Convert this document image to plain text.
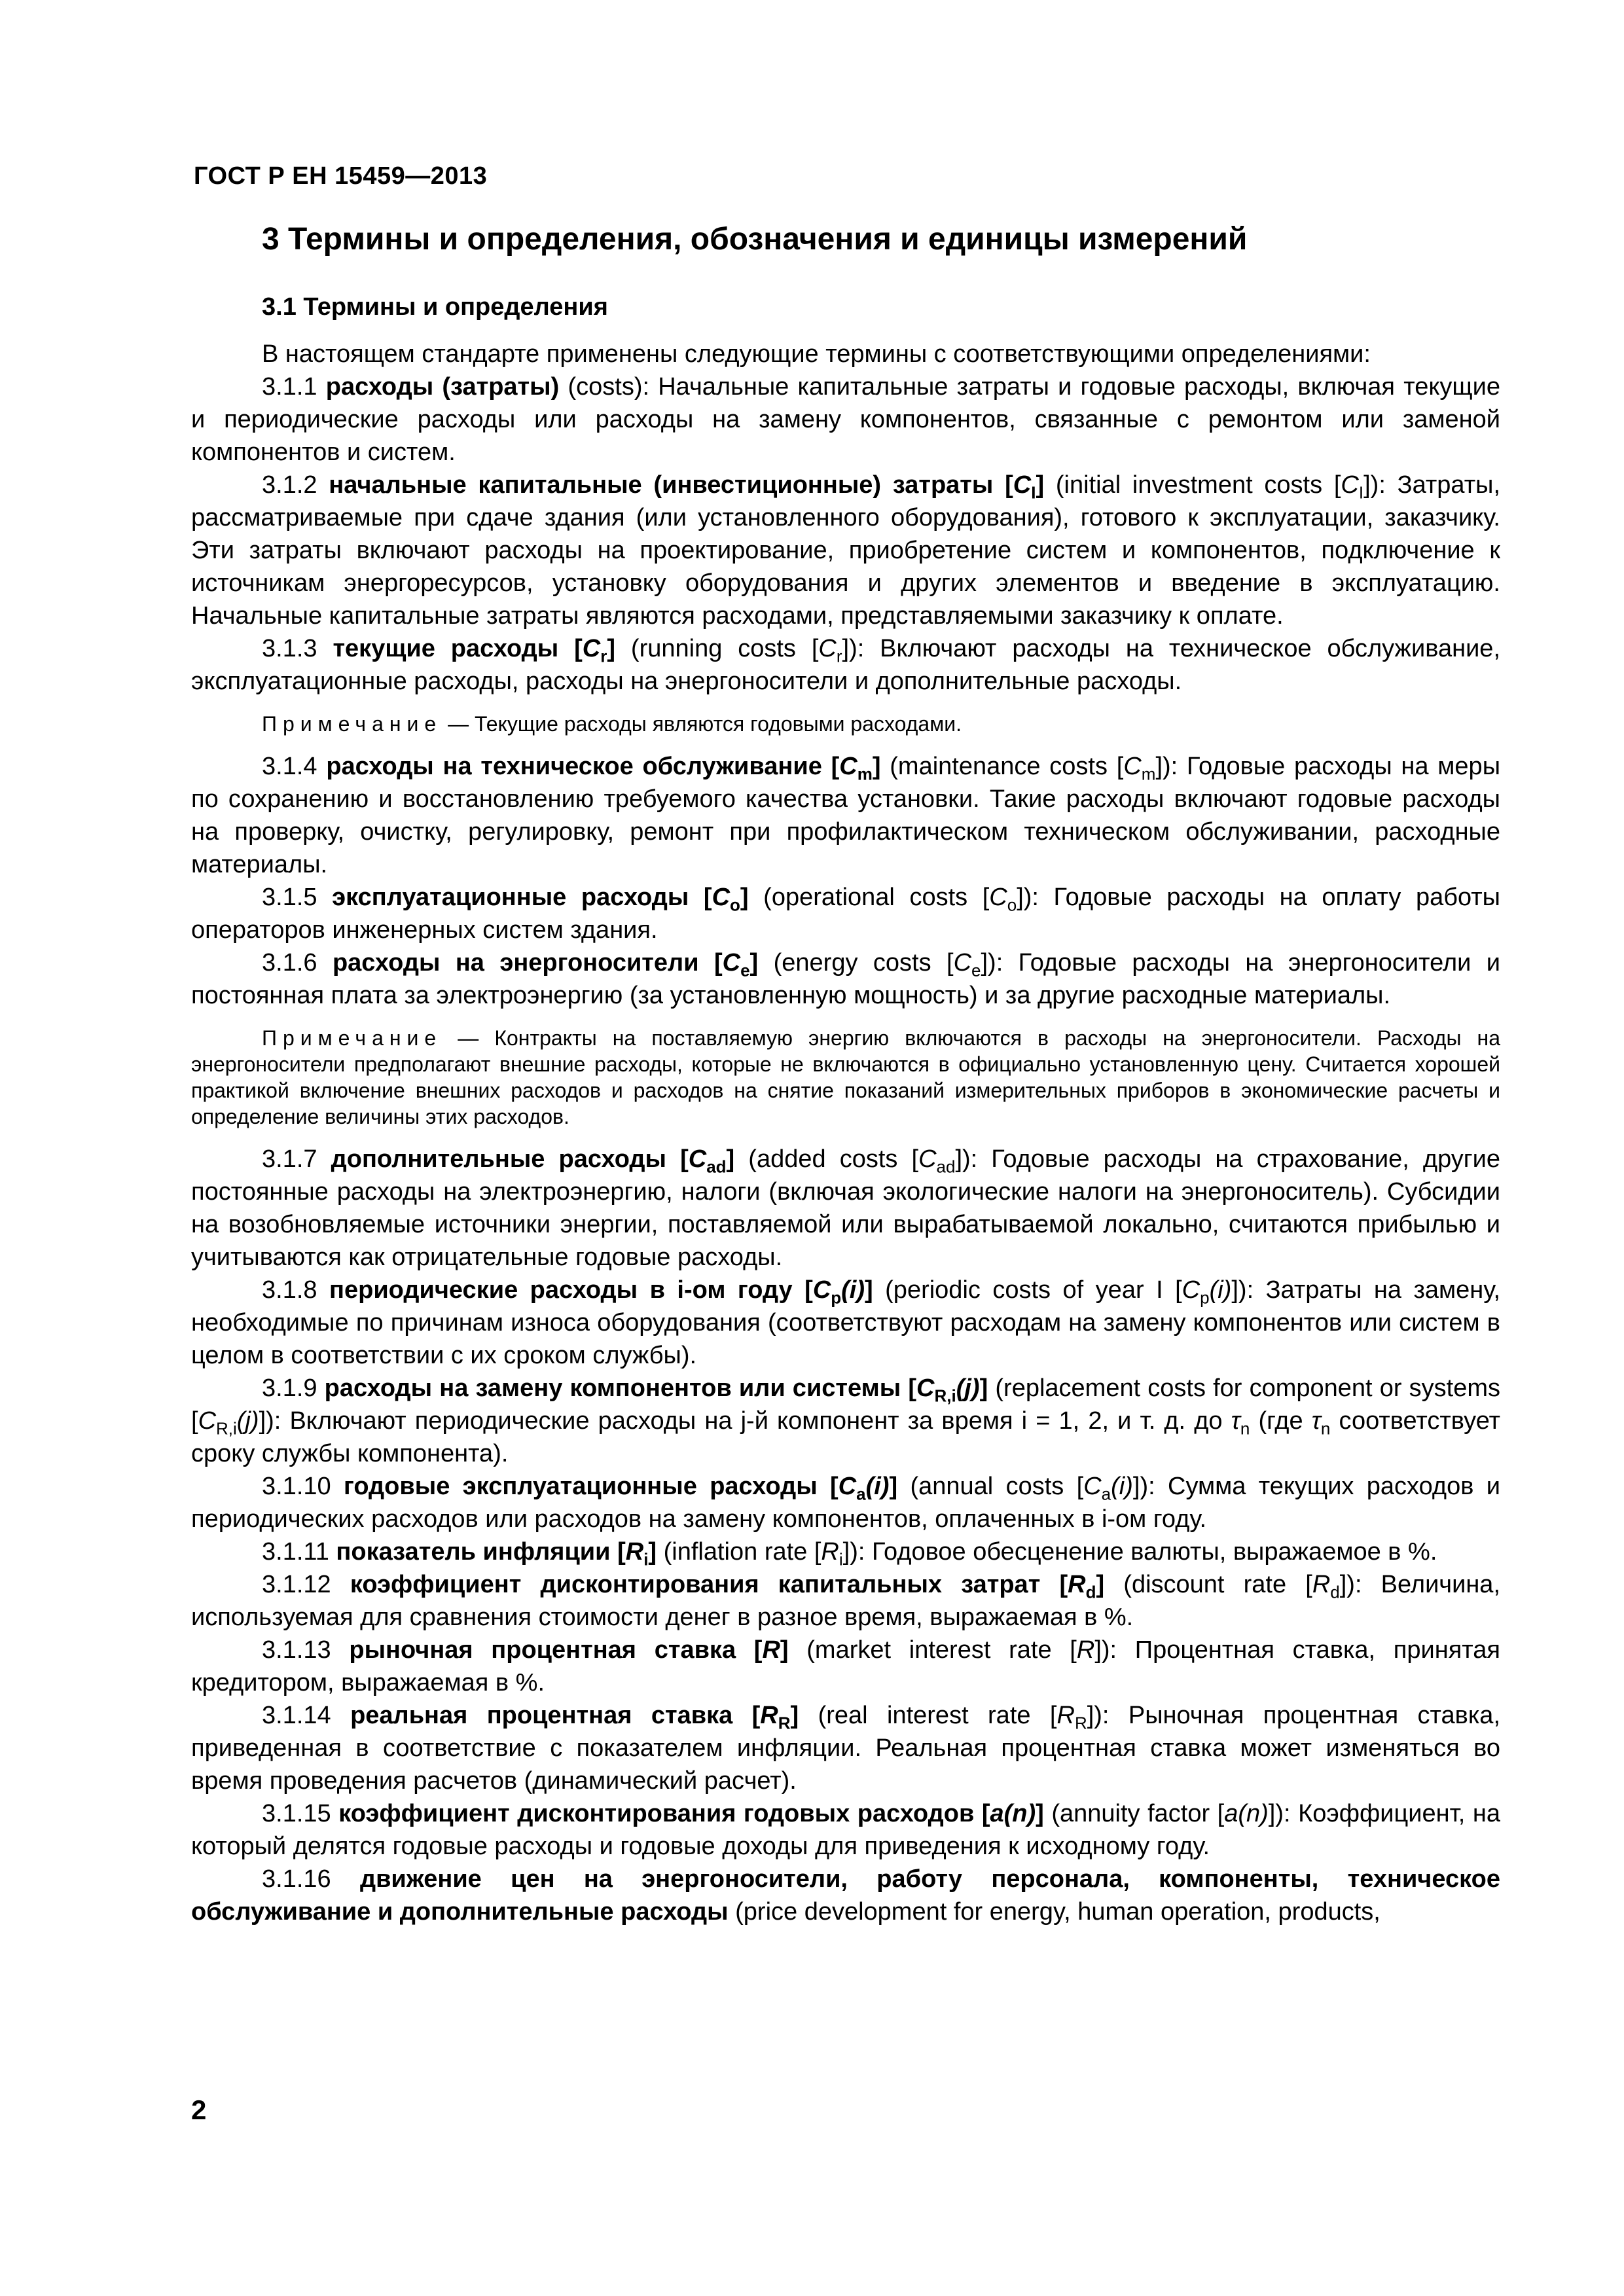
ГОСТ Р ЕН 15459—2013
3 Термины и определения, обозначения и единицы измерений
3.1 Термины и определения

В настоящем стандарте применены следующие термины с соответствующими определениями:

3.1.1 расходы (затраты) (costs): Начальные капитальные затраты и годовые расходы, включая текущие и периодические расходы или расходы на замену компонентов, связанные с ремонтом или заменой компонентов и систем.

3.1.2 начальные капитальные (инвестиционные) затраты $[C_I]$ (initial investment costs $[C_I]$): Затраты, рассматриваемые при сдаче здания (или установленного оборудования), готового к эксплуатации, заказчику. Эти затраты включают расходы на проектирование, приобретение систем и компонентов, подключение к источникам энергоресурсов, установку оборудования и других элементов и введение в эксплуатацию. Начальные капитальные затраты являются расходами, представляемыми заказчику к оплате.

3.1.3 текущие расходы $[C_r]$ (running costs $[C_r]$): Включают расходы на техническое обслуживание, эксплуатационные расходы, расходы на энергоносители и дополнительные расходы.

Примечание — Текущие расходы являются годовыми расходами.

3.1.4 расходы на техническое обслуживание $[C_m]$ (maintenance costs $[C_m]$): Годовые расходы на меры по сохранению и восстановлению требуемого качества установки. Такие расходы включают годовые расходы на проверку, очистку, регулировку, ремонт при профилактическом техническом обслуживании, расходные материалы.

3.1.5 эксплуатационные расходы $[C_o]$ (operational costs $[C_o]$): Годовые расходы на оплату работы операторов инженерных систем здания.

3.1.6 расходы на энергоносители $[C_e]$ (energy costs $[C_e]$): Годовые расходы на энергоносители и постоянная плата за электроэнергию (за установленную мощность) и за другие расходные материалы.

Примечание — Контракты на поставляемую энергию включаются в расходы на энергоносители. Расходы на энергоносители предполагают внешние расходы, которые не включаются в официально установленную цену. Считается хорошей практикой включение внешних расходов и расходов на снятие показаний измерительных приборов в экономические расчеты и определение величины этих расходов.

3.1.7 дополнительные расходы $[C_{ad}]$ (added costs $[C_{ad}]$): Годовые расходы на страхование, другие постоянные расходы на электроэнергию, налоги (включая экологические налоги на энергоноситель). Субсидии на возобновляемые источники энергии, поставляемой или вырабатываемой локально, считаются прибылью и учитываются как отрицательные годовые расходы.

3.1.8 периодические расходы в i-ом году $[C_p(i)]$ (periodic costs of year I $[C_p(i)]$): Затраты на замену, необходимые по причинам износа оборудования (соответствуют расходам на замену компонентов или систем в целом в соответствии с их сроком службы).

3.1.9 расходы на замену компонентов или системы $[C_{R,i}(j)]$ (replacement costs for component or systems $[C_{R,i}(j)]$): Включают периодические расходы на j-й компонент за время i = 1, 2, и т. д. до $\tau_n$ (где $\tau_n$ соответствует сроку службы компонента).

3.1.10 годовые эксплуатационные расходы $[C_a(i)]$ (annual costs $[C_a(i)]$): Сумма текущих расходов и периодических расходов или расходов на замену компонентов, оплаченных в i-ом году.

3.1.11 показатель инфляции $[R_i]$ (inflation rate $[R_i]$): Годовое обесценение валюты, выражаемое в %.

3.1.12 коэффициент дисконтирования капитальных затрат $[R_d]$ (discount rate $[R_d]$): Величина, используемая для сравнения стоимости денег в разное время, выражаемая в %.

3.1.13 рыночная процентная ставка [R] (market interest rate [R]): Процентная ставка, принятая кредитором, выражаемая в %.

3.1.14 реальная процентная ставка $[R_R]$ (real interest rate $[R_R]$): Рыночная процентная ставка, приведенная в соответствие с показателем инфляции. Реальная процентная ставка может изменяться во время проведения расчетов (динамический расчет).

3.1.15 коэффициент дисконтирования годовых расходов [a(n)] (annuity factor [a(n)]): Коэффициент, на который делятся годовые расходы и годовые доходы для приведения к исходному году.

3.1.16 движение цен на энергоносители, работу персонала, компоненты, техническое обслуживание и дополнительные расходы (price development for energy, human operation, products,

2
